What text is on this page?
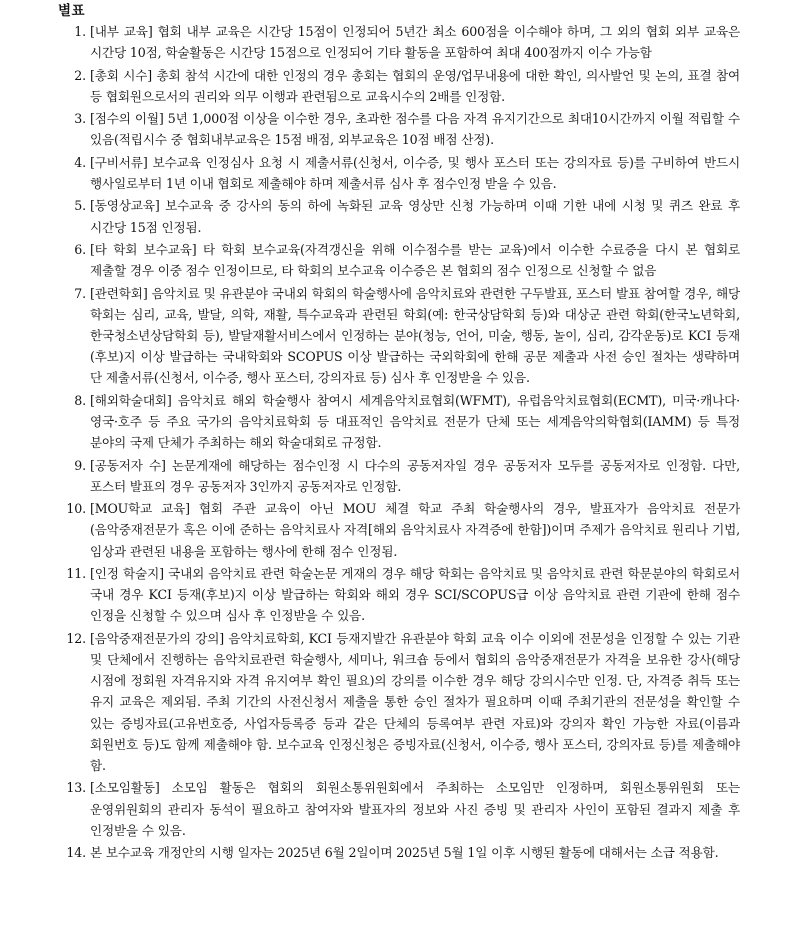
별표
1. [내부 교육] 협회 내부 교육은 시간당 15점이 인정되어 5년간 최소 600점을 이수해야 하며, 그 외의 협회 외부 교육은 시간당 10점, 학술활동은 시간당 15점으로 인정되어 기타 활동을 포함하여 최대 400점까지 이수 가능함
2. [총회 시수] 총회 참석 시간에 대한 인정의 경우 총회는 협회의 운영/업무내용에 대한 확인, 의사발언 및 논의, 표결 참여 등 협회원으로서의 권리와 의무 이행과 관련됨으로 교육시수의 2배를 인정함.
3. [점수의 이월] 5년 1,000점 이상을 이수한 경우, 초과한 점수를 다음 자격 유지기간으로 최대10시간까지 이월 적립할 수 있음(적립시수 중 협회내부교육은 15점 배점, 외부교육은 10점 배점 산정).
4. [구비서류] 보수교육 인정심사 요청 시 제출서류(신청서, 이수증, 및 행사 포스터 또는 강의자료 등)를 구비하여 반드시 행사일로부터 1년 이내 협회로 제출해야 하며 제출서류 심사 후 점수인정 받을 수 있음.
5. [동영상교육] 보수교육 중 강사의 동의 하에 녹화된 교육 영상만 신청 가능하며 이때 기한 내에 시청 및 퀴즈 완료 후 시간당 15점 인정됨.
6. [타 학회 보수교육] 타 학회 보수교육(자격갱신을 위해 이수점수를 받는 교육)에서 이수한 수료증을 다시 본 협회로 제출할 경우 이중 점수 인정이므로, 타 학회의 보수교육 이수증은 본 협회의 점수 인정으로 신청할 수 없음
7. [관련학회] 음악치료 및 유관분야 국내외 학회의 학술행사에 음악치료와 관련한 구두발표, 포스터 발표 참여할 경우, 해당 학회는 심리, 교육, 발달, 의학, 재활, 특수교육과 관련된 학회(예: 한국상담학회 등)와 대상군 관련 학회(한국노년학회, 한국청소년상담학회 등), 발달재활서비스에서 인정하는 분야(청능, 언어, 미술, 행동, 놀이, 심리, 감각운동)로 KCI 등재(후보)지 이상 발급하는 국내학회와 SCOPUS 이상 발급하는 국외학회에 한해 공문 제출과 사전 승인 절차는 생략하며 단 제출서류(신청서, 이수증, 행사 포스터, 강의자료 등) 심사 후 인정받을 수 있음.
8. [해외학술대회] 음악치료 해외 학술행사 참여시 세계음악치료협회(WFMT), 유럽음악치료협회(ECMT), 미국·캐나다·영국·호주 등 주요 국가의 음악치료학회 등 대표적인 음악치료 전문가 단체 또는 세계음악의학협회(IAMM) 등 특정 분야의 국제 단체가 주최하는 해외 학술대회로 규정함.
9. [공동저자 수] 논문게재에 해당하는 점수인정 시 다수의 공동저자일 경우 공동저자 모두를 공동저자로 인정함. 다만, 포스터 발표의 경우 공동저자 3인까지 공동저자로 인정함.
10. [MOU학교 교육] 협회 주관 교육이 아닌 MOU 체결 학교 주최 학술행사의 경우, 발표자가 음악치료 전문가(음악중재전문가 혹은 이에 준하는 음악치료사 자격[해외 음악치료사 자격증에 한함])이며 주제가 음악치료 원리나 기법, 임상과 관련된 내용을 포함하는 행사에 한해 점수 인정됨.
11. [인정 학술지] 국내외 음악치료 관련 학술논문 게재의 경우 해당 학회는 음악치료 및 음악치료 관련 학문분야의 학회로서 국내 경우 KCI 등재(후보)지 이상 발급하는 학회와 해외 경우 SCI/SCOPUS급 이상 음악치료 관련 기관에 한해 점수 인정을 신청할 수 있으며 심사 후 인정받을 수 있음.
12. [음악중재전문가의 강의] 음악치료학회, KCI 등재지발간 유관분야 학회 교육 이수 이외에 전문성을 인정할 수 있는 기관 및 단체에서 진행하는 음악치료관련 학술행사, 세미나, 워크숍 등에서 협회의 음악중재전문가 자격을 보유한 강사(해당 시점에 정회원 자격유지와 자격 유지여부 확인 필요)의 강의를 이수한 경우 해당 강의시수만 인정. 단, 자격증 취득 또는 유지 교육은 제외됨. 주최 기간의 사전신청서 제출을 통한 승인 절차가 필요하며 이때 주최기관의 전문성을 확인할 수 있는 증빙자료(고유번호증, 사업자등록증 등과 같은 단체의 등록여부 관련 자료)와 강의자 확인 가능한 자료(이름과 회원번호 등)도 함께 제출해야 함. 보수교육 인정신청은 증빙자료(신청서, 이수증, 행사 포스터, 강의자료 등)를 제출해야 함.
13. [소모임활동] 소모임 활동은 협회의 회원소통위원회에서 주최하는 소모임만 인정하며, 회원소통위원회 또는 운영위원회의 관리자 동석이 필요하고 참여자와 발표자의 정보와 사진 증빙 및 관리자 사인이 포함된 결과지 제출 후 인정받을 수 있음.
14. 본 보수교육 개정안의 시행 일자는 2025년 6월 2일이며 2025년 5월 1일 이후 시행된 활동에 대해서는 소급 적용함.
